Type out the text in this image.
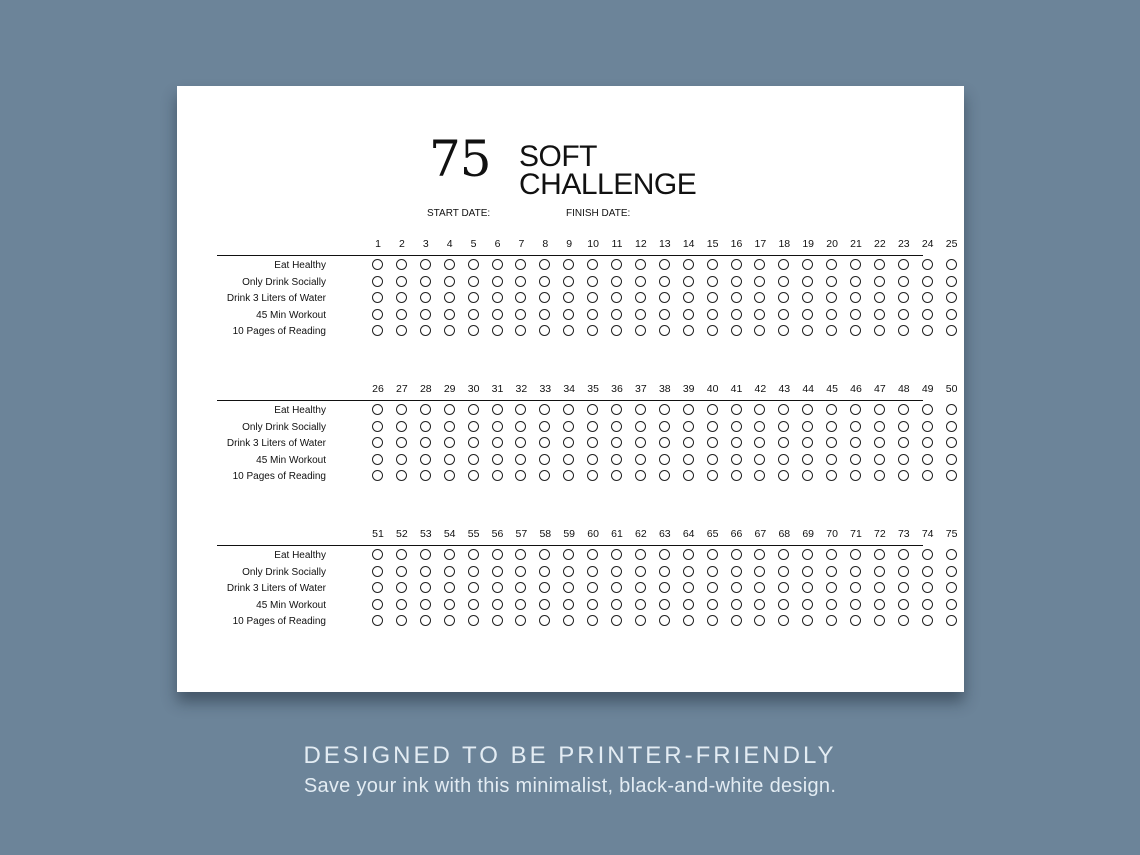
75 SOFT
CHALLENGE
START DATE:	FINISH DATE:
1	2	3	4	5	6	7	8	9	10	11	12	13	14	15	16	17	18	19	20	21	22	23	24	25
Eat Healthy
Only Drink Socially
Drink 3 Liters of Water
45 Min Workout
10 Pages of Reading
26	27	28	29	30	31	32	33	34	35	36	37	38	39	40	41	42	43	44	45	46	47	48	49	50
Eat Healthy
Only Drink Socially
Drink 3 Liters of Water
45 Min Workout
10 Pages of Reading
51	52	53	54	55	56	57	58	59	60	61	62	63	64	65	66	67	68	69	70	71	72	73	74	75
Eat Healthy
Only Drink Socially
Drink 3 Liters of Water
45 Min Workout
10 Pages of Reading
DESIGNED TO BE PRINTER-FRIENDLY
Save your ink with this minimalist, black-and-white design.
